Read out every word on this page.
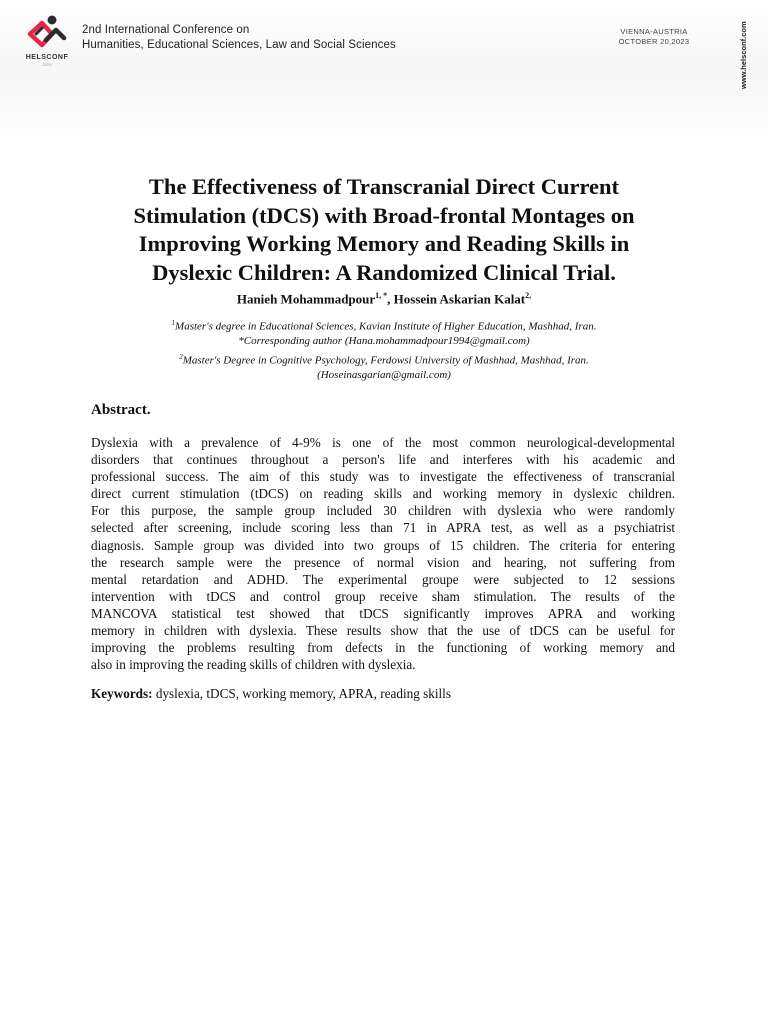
HELSCONF
2023
2nd International Conference on
Humanities, Educational Sciences, Law and Social Sciences
VIENNA-AUSTRIA
OCTOBER 20,2023	www.helsconf.com
The Effectiveness of Transcranial Direct Current
Stimulation (tDCS) with Broad-frontal Montages on
Improving Working Memory and Reading Skills in
Dyslexic Children: A Randomized Clinical Trial.
Hanieh Mohammadpour$^{1, *}$, Hossein Askarian Kalat$^{2,}$
$^1$Master's degree in Educational Sciences, Kavian Institute of Higher Education, Mashhad, Iran.
*Corresponding author (Hana.mohammadpour1994@gmail.com)
$^2$Master's Degree in Cognitive Psychology, Ferdowsi University of Mashhad, Mashhad, Iran.
(Hoseinasgarian@gmail.com)
Abstract.
Dyslexia with a prevalence of 4-9% is one of the most common neurological-developmental
disorders that continues throughout a person's life and interferes with his academic and
professional success. The aim of this study was to investigate the effectiveness of transcranial
direct current stimulation (tDCS) on reading skills and working memory in dyslexic children.
For this purpose, the sample group included 30 children with dyslexia who were randomly
selected after screening, include scoring less than 71 in APRA test, as well as a psychiatrist
diagnosis. Sample group was divided into two groups of 15 children. The criteria for entering
the research sample were the presence of normal vision and hearing, not suffering from
mental retardation and ADHD. The experimental groupe were subjected to 12 sessions
intervention with tDCS and control group receive sham stimulation. The results of the
MANCOVA statistical test showed that tDCS significantly improves APRA and working
memory in children with dyslexia. These results show that the use of tDCS can be useful for
improving the problems resulting from defects in the functioning of working memory and
also in improving the reading skills of children with dyslexia.
Keywords: dyslexia, tDCS, working memory, APRA, reading skills
